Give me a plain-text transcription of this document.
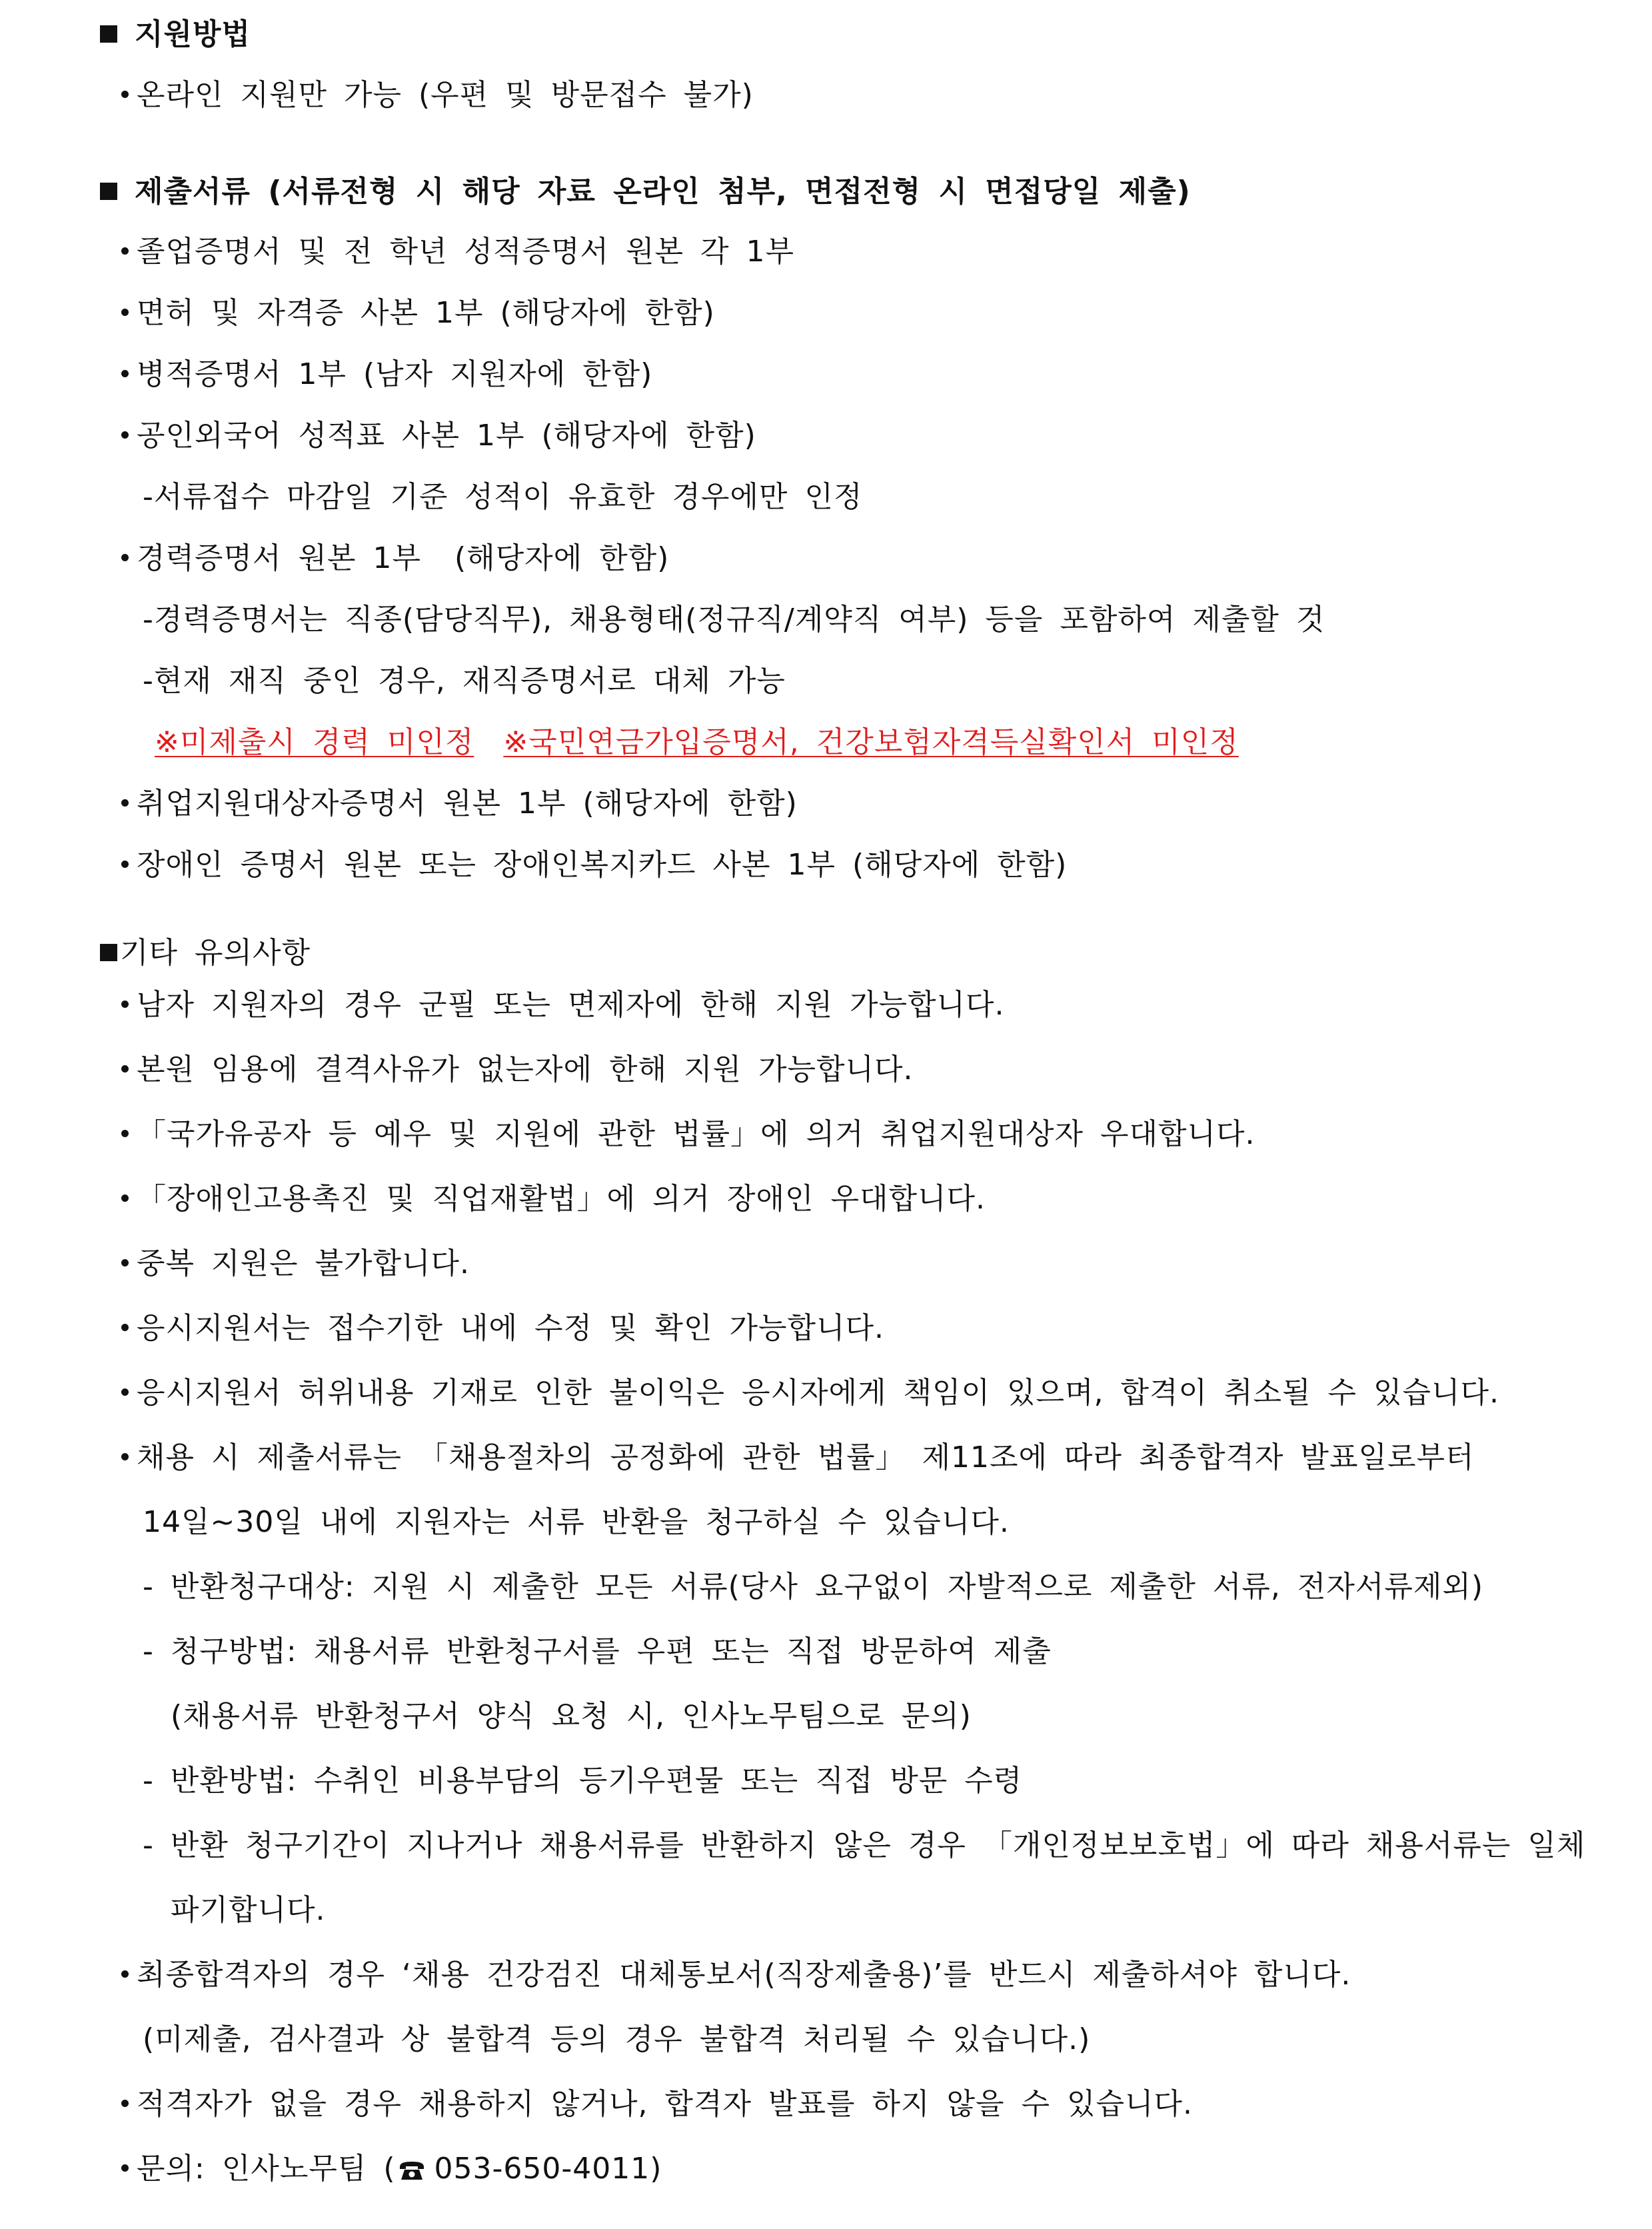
지원방법
온라인 지원만 가능 (우편 및 방문접수 불가)
제출서류 (서류전형 시 해당 자료 온라인 첨부, 면접전형 시 면접당일 제출)
졸업증명서 및 전 학년 성적증명서 원본 각 1부
면허 및 자격증 사본 1부 (해당자에 한함)
병적증명서 1부 (남자 지원자에 한함)
공인외국어 성적표 사본 1부 (해당자에 한함)
-서류접수 마감일 기준 성적이 유효한 경우에만 인정
경력증명서 원본 1부  (해당자에 한함)
-경력증명서는 직종(담당직무), 채용형태(정규직/계약직 여부) 등을 포함하여 제출할 것
-현재 재직 중인 경우, 재직증명서로 대체 가능
※미제출시 경력 미인정 ※국민연금가입증명서, 건강보험자격득실확인서 미인정
취업지원대상자증명서 원본 1부 (해당자에 한함)
장애인 증명서 원본 또는 장애인복지카드 사본 1부 (해당자에 한함)
기타 유의사항
남자 지원자의 경우 군필 또는 면제자에 한해 지원 가능합니다.
본원 임용에 결격사유가 없는자에 한해 지원 가능합니다.
「국가유공자 등 예우 및 지원에 관한 법률」에 의거 취업지원대상자 우대합니다.
「장애인고용촉진 및 직업재활법」에 의거 장애인 우대합니다.
중복 지원은 불가합니다.
응시지원서는 접수기한 내에 수정 및 확인 가능합니다.
응시지원서 허위내용 기재로 인한 불이익은 응시자에게 책임이 있으며, 합격이 취소될 수 있습니다.
채용 시 제출서류는 「채용절차의 공정화에 관한 법률」 제11조에 따라 최종합격자 발표일로부터
14일~30일 내에 지원자는 서류 반환을 청구하실 수 있습니다.
- 반환청구대상: 지원 시 제출한 모든 서류(당사 요구없이 자발적으로 제출한 서류, 전자서류제외)
- 청구방법: 채용서류 반환청구서를 우편 또는 직접 방문하여 제출
(채용서류 반환청구서 양식 요청 시, 인사노무팀으로 문의)
- 반환방법: 수취인 비용부담의 등기우편물 또는 직접 방문 수령
- 반환 청구기간이 지나거나 채용서류를 반환하지 않은 경우 「개인정보보호법」에 따라 채용서류는 일체
파기합니다.
최종합격자의 경우 ‘채용 건강검진 대체통보서(직장제출용)’를 반드시 제출하셔야 합니다.
(미제출, 검사결과 상 불합격 등의 경우 불합격 처리될 수 있습니다.)
적격자가 없을 경우 채용하지 않거나, 합격자 발표를 하지 않을 수 있습니다.
문의: 인사노무팀 ( 053-650-4011)
